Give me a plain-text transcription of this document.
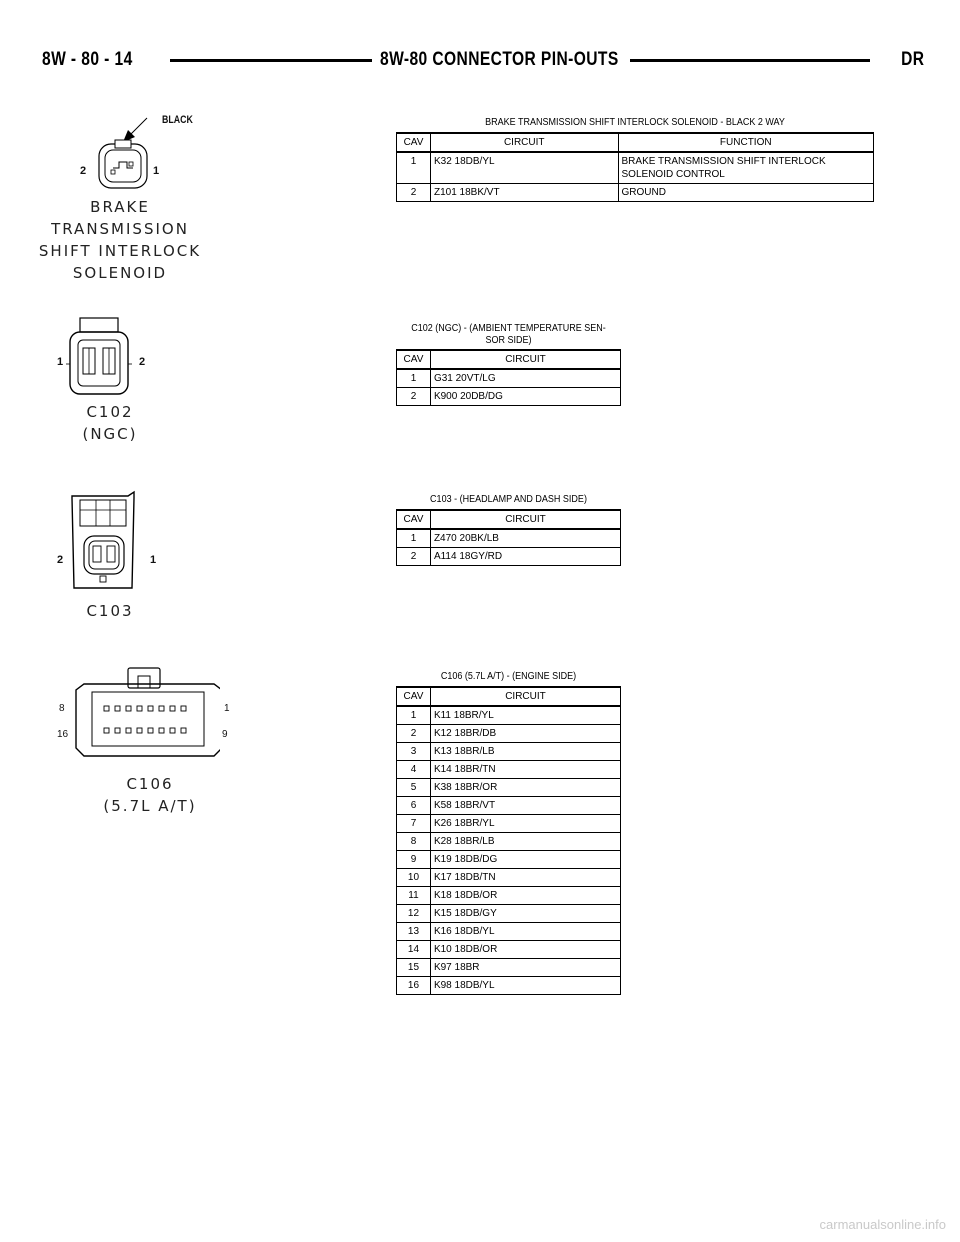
8W - 80 - 14	8W-80 CONNECTOR PIN-OUTS	DR
BLACK
2	1
BRAKE
TRANSMISSION
SHIFT INTERLOCK
SOLENOID
1	2
C102
(NGC)
2	1
C103
8	1
16	9
C106
(5.7L A/T)
BRAKE TRANSMISSION SHIFT INTERLOCK SOLENOID - BLACK 2 WAY
CAV	CIRCUIT	FUNCTION
1	K32 18DB/YL	BRAKE TRANSMISSION SHIFT INTERLOCK SOLENOID CONTROL
2	Z101 18BK/VT	GROUND
C102 (NGC) - (AMBIENT TEMPERATURE SEN- SOR SIDE)
CAV	CIRCUIT
1	G31 20VT/LG
2	K900 20DB/DG
C103 - (HEADLAMP AND DASH SIDE)
CAV	CIRCUIT
1	Z470 20BK/LB
2	A114 18GY/RD
C106 (5.7L A/T) - (ENGINE SIDE)
CAV	CIRCUIT
1	K11 18BR/YL
2	K12 18BR/DB
3	K13 18BR/LB
4	K14 18BR/TN
5	K38 18BR/OR
6	K58 18BR/VT
7	K26 18BR/YL
8	K28 18BR/LB
9	K19 18DB/DG
10	K17 18DB/TN
11	K18 18DB/OR
12	K15 18DB/GY
13	K16 18DB/YL
14	K10 18DB/OR
15	K97 18BR
16	K98 18DB/YL
carmanualsonline.info
